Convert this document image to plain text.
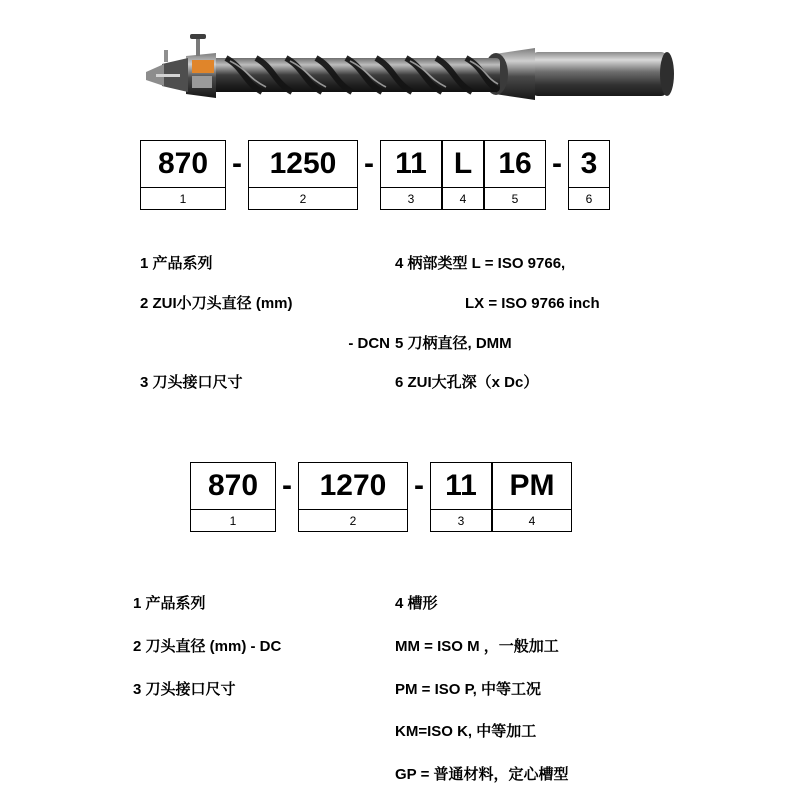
870
1
- 1250
2
- 11
3
L
4
16
5
- 3
6
1 产品系列
2 ZUI小刀头直径 (mm)
- DCN
3 刀头接口尺寸
4 柄部类型 L = ISO 9766,
LX = ISO 9766 inch
5 刀柄直径, DMM
6 ZUI大孔深（x Dc）
870
1
- 1270
2
- 11
3
PM
4
1 产品系列
2 刀头直径 (mm) - DC
3 刀头接口尺寸
4 槽形
MM = ISO M ，一般加工
PM = ISO P, 中等工况
KM=ISO K, 中等加工
GP = 普通材料，定心槽型
